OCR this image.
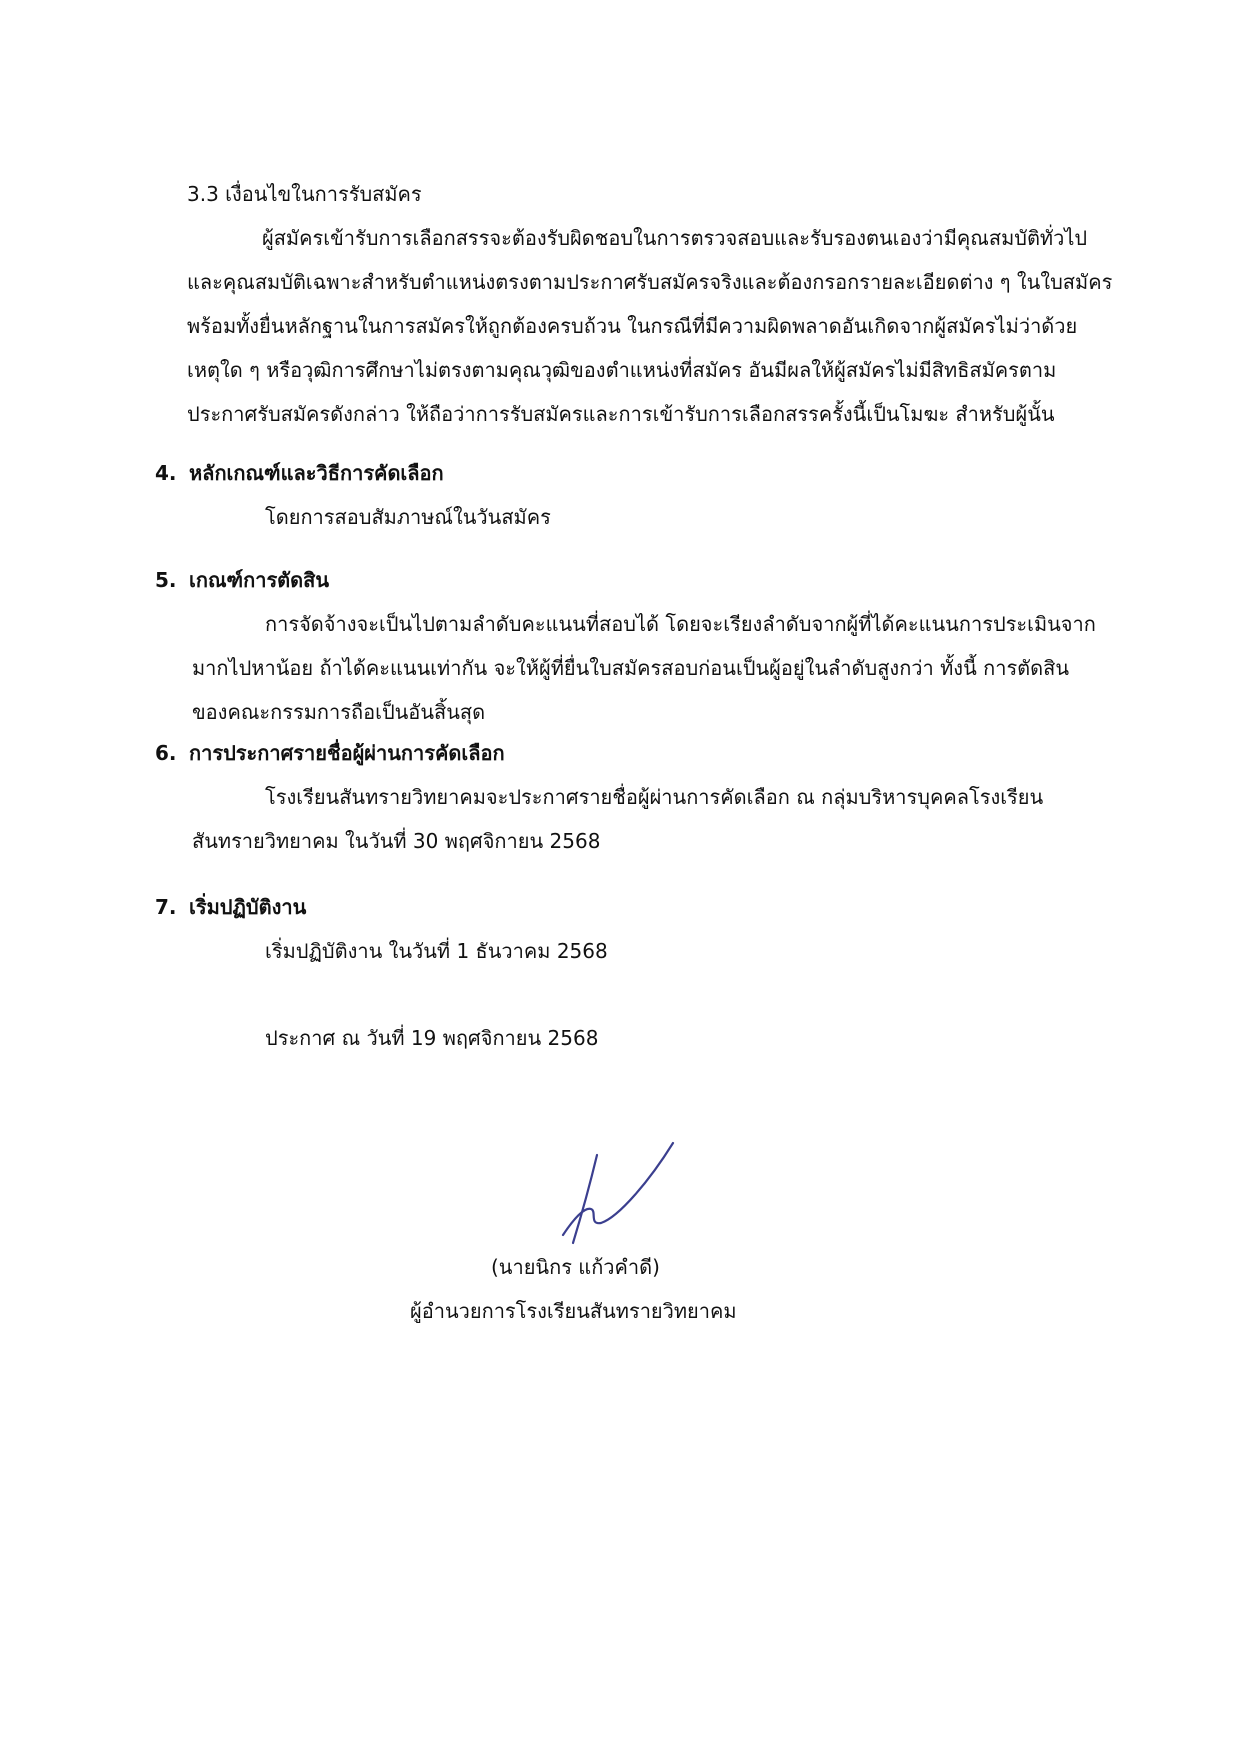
3.3 เงื่อนไขในการรับสมัคร
ผู้สมัครเข้ารับการเลือกสรรจะต้องรับผิดชอบในการตรวจสอบและรับรองตนเองว่ามีคุณสมบัติทั่วไป
และคุณสมบัติเฉพาะสำหรับตำแหน่งตรงตามประกาศรับสมัครจริงและต้องกรอกรายละเอียดต่าง ๆ ในใบสมัคร
พร้อมทั้งยื่นหลักฐานในการสมัครให้ถูกต้องครบถ้วน ในกรณีที่มีความผิดพลาดอันเกิดจากผู้สมัครไม่ว่าด้วย
เหตุใด ๆ หรือวุฒิการศึกษาไม่ตรงตามคุณวุฒิของตำแหน่งที่สมัคร อันมีผลให้ผู้สมัครไม่มีสิทธิสมัครตาม
ประกาศรับสมัครดังกล่าว ให้ถือว่าการรับสมัครและการเข้ารับการเลือกสรรครั้งนี้เป็นโมฆะ สำหรับผู้นั้น
4. หลักเกณฑ์และวิธีการคัดเลือก
โดยการสอบสัมภาษณ์ในวันสมัคร
5. เกณฑ์การตัดสิน
การจัดจ้างจะเป็นไปตามลำดับคะแนนที่สอบได้ โดยจะเรียงลำดับจากผู้ที่ได้คะแนนการประเมินจาก
มากไปหาน้อย ถ้าได้คะแนนเท่ากัน จะให้ผู้ที่ยื่นใบสมัครสอบก่อนเป็นผู้อยู่ในลำดับสูงกว่า ทั้งนี้ การตัดสิน
ของคณะกรรมการถือเป็นอันสิ้นสุด
6. การประกาศรายชื่อผู้ผ่านการคัดเลือก
โรงเรียนสันทรายวิทยาคมจะประกาศรายชื่อผู้ผ่านการคัดเลือก ณ กลุ่มบริหารบุคคลโรงเรียน
สันทรายวิทยาคม ในวันที่ 30 พฤศจิกายน 2568
7. เริ่มปฏิบัติงาน
เริ่มปฏิบัติงาน ในวันที่ 1 ธันวาคม 2568
ประกาศ ณ วันที่ 19 พฤศจิกายน 2568
(นายนิกร แก้วคำดี)
ผู้อำนวยการโรงเรียนสันทรายวิทยาคม
